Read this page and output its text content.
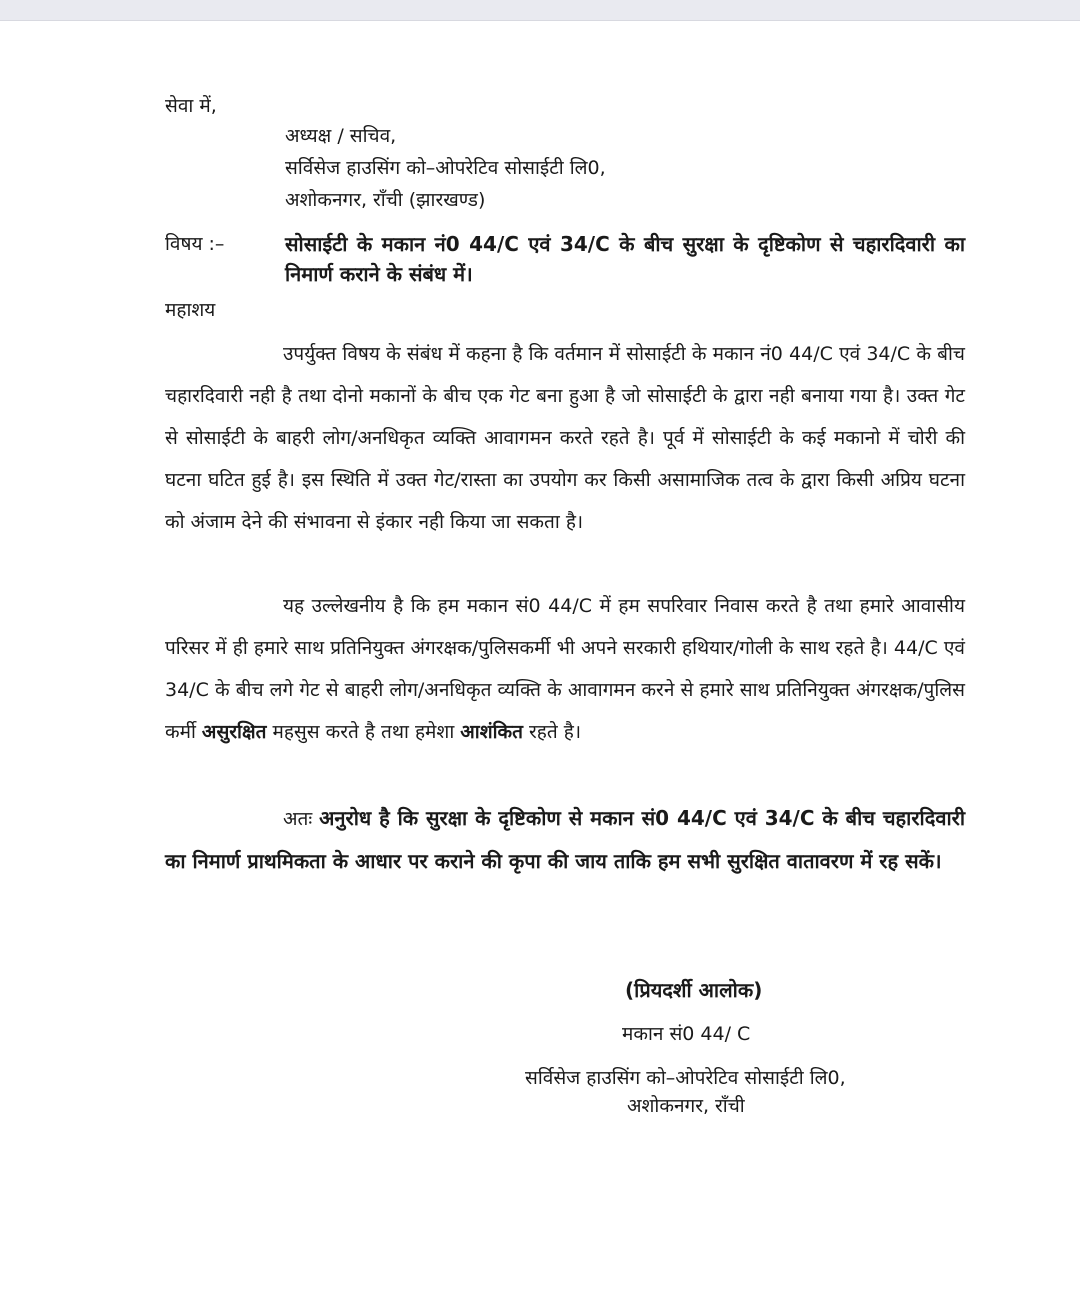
सेवा में,
अध्यक्ष / सचिव,
सर्विसेज हाउसिंग को–ओपरेटिव सोसाईटी लि0,
अशोकनगर, राँची (झारखण्ड)
विषय :–	सोसाईटी के मकान नं0 44/C एवं 34/C के बीच सुरक्षा के दृष्टिकोण से चहारदिवारी का निमार्ण कराने के संबंध में।
महाशय
उपर्युक्त विषय के संबंध में कहना है कि वर्तमान में सोसाईटी के मकान नं0 44/C एवं 34/C के बीच चहारदिवारी नही है तथा दोनो मकानों के बीच एक गेट बना हुआ है जो सोसाईटी के द्वारा नही बनाया गया है। उक्त गेट से सोसाईटी के बाहरी लोग/अनधिकृत व्यक्ति आवागमन करते रहते है। पूर्व में सोसाईटी के कई मकानो में चोरी की घटना घटित हुई है। इस स्थिति में उक्त गेट/रास्ता का उपयोग कर किसी असामाजिक तत्व के द्वारा किसी अप्रिय घटना को अंजाम देने की संभावना से इंकार नही किया जा सकता है।
यह उल्लेखनीय है कि हम मकान सं0 44/C में हम सपरिवार निवास करते है तथा हमारे आवासीय परिसर में ही हमारे साथ प्रतिनियुक्त अंगरक्षक/पुलिसकर्मी भी अपने सरकारी हथियार/गोली के साथ रहते है। 44/C एवं 34/C के बीच लगे गेट से बाहरी लोग/अनधिकृत व्यक्ति के आवागमन करने से हमारे साथ प्रतिनियुक्त अंगरक्षक/पुलिस कर्मी असुरक्षित महसुस करते है तथा हमेशा आशंकित रहते है।
अतः अनुरोध है कि सुरक्षा के दृष्टिकोण से मकान सं0 44/C एवं 34/C के बीच चहारदिवारी का निमार्ण प्राथमिकता के आधार पर कराने की कृपा की जाय ताकि हम सभी सुरक्षित वातावरण में रह सकें।
(प्रियदर्शी आलोक)
मकान सं0 44/ C
सर्विसेज हाउसिंग को–ओपरेटिव सोसाईटी लि0,
अशोकनगर, राँची
